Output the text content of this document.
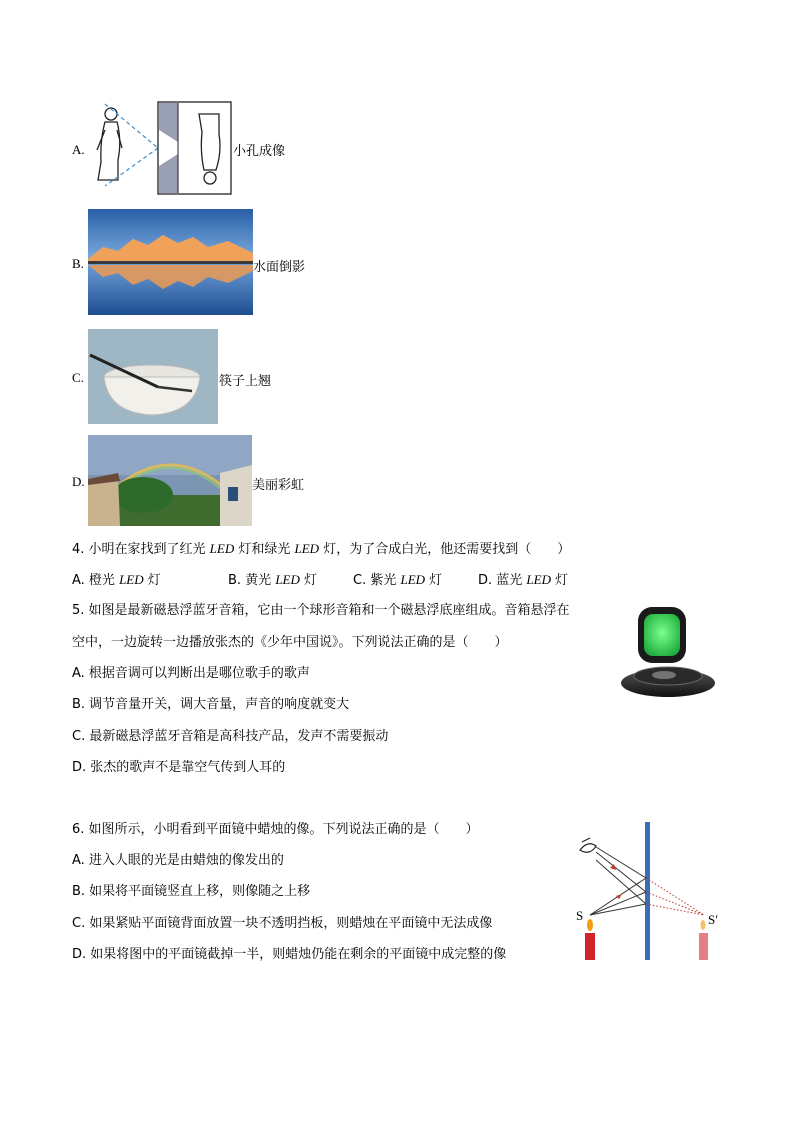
A.	小孔成像
B.	水面倒影
C.	筷子上翘
D.	美丽彩虹
4. 小明在家找到了红光 LED 灯和绿光 LED 灯，为了合成白光，他还需要找到（　　）
A. 橙光 LED 灯	B. 黄光 LED 灯	C. 紫光 LED 灯	D. 蓝光 LED 灯
5. 如图是最新磁悬浮蓝牙音箱，它由一个球形音箱和一个磁悬浮底座组成。音箱悬浮在
空中，一边旋转一边播放张杰的《少年中国说》。下列说法正确的是（　　）
A. 根据音调可以判断出是哪位歌手的歌声
B. 调节音量开关，调大音量，声音的响度就变大
C. 最新磁悬浮蓝牙音箱是高科技产品，发声不需要振动
D. 张杰的歌声不是靠空气传到人耳的
6. 如图所示，小明看到平面镜中蜡烛的像。下列说法正确的是（　　）
A. 进入人眼的光是由蜡烛的像发出的
B. 如果将平面镜竖直上移，则像随之上移
C. 如果紧贴平面镜背面放置一块不透明挡板，则蜡烛在平面镜中无法成像
D. 如果将图中的平面镜截掉一半，则蜡烛仍能在剩余的平面镜中成完整的像
S	S′
